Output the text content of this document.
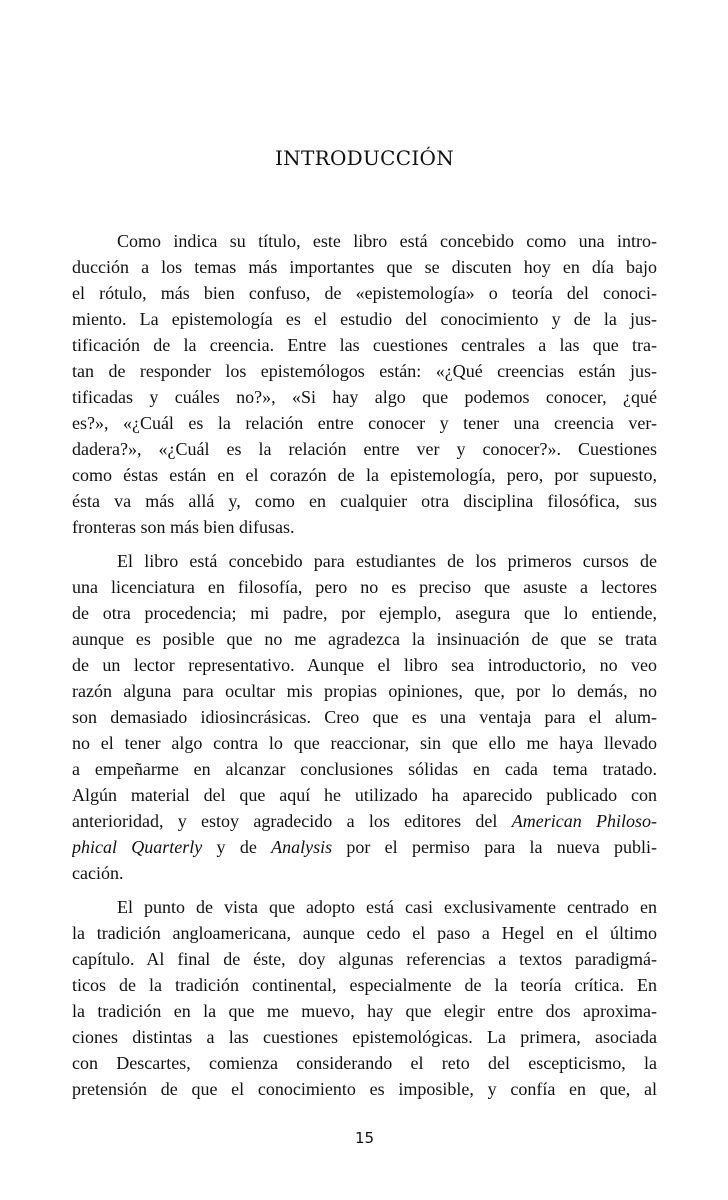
INTRODUCCIÓN
Como indica su título, este libro está concebido como una intro-
ducción a los temas más importantes que se discuten hoy en día bajo
el rótulo, más bien confuso, de «epistemología» o teoría del conoci-
miento. La epistemología es el estudio del conocimiento y de la jus-
tificación de la creencia. Entre las cuestiones centrales a las que tra-
tan de responder los epistemólogos están: «¿Qué creencias están jus-
tificadas y cuáles no?», «Si hay algo que podemos conocer, ¿qué
es?», «¿Cuál es la relación entre conocer y tener una creencia ver-
dadera?», «¿Cuál es la relación entre ver y conocer?». Cuestiones
como éstas están en el corazón de la epistemología, pero, por supuesto,
ésta va más allá y, como en cualquier otra disciplina filosófica, sus
fronteras son más bien difusas.
El libro está concebido para estudiantes de los primeros cursos de
una licenciatura en filosofía, pero no es preciso que asuste a lectores
de otra procedencia; mi padre, por ejemplo, asegura que lo entiende,
aunque es posible que no me agradezca la insinuación de que se trata
de un lector representativo. Aunque el libro sea introductorio, no veo
razón alguna para ocultar mis propias opiniones, que, por lo demás, no
son demasiado idiosincrásicas. Creo que es una ventaja para el alum-
no el tener algo contra lo que reaccionar, sin que ello me haya llevado
a empeñarme en alcanzar conclusiones sólidas en cada tema tratado.
Algún material del que aquí he utilizado ha aparecido publicado con
anterioridad, y estoy agradecido a los editores del American Philoso-
phical Quarterly y de Analysis por el permiso para la nueva publi-
cación.
El punto de vista que adopto está casi exclusivamente centrado en
la tradición angloamericana, aunque cedo el paso a Hegel en el último
capítulo. Al final de éste, doy algunas referencias a textos paradigmá-
ticos de la tradición continental, especialmente de la teoría crítica. En
la tradición en la que me muevo, hay que elegir entre dos aproxima-
ciones distintas a las cuestiones epistemológicas. La primera, asociada
con Descartes, comienza considerando el reto del escepticismo, la
pretensión de que el conocimiento es imposible, y confía en que, al
15
